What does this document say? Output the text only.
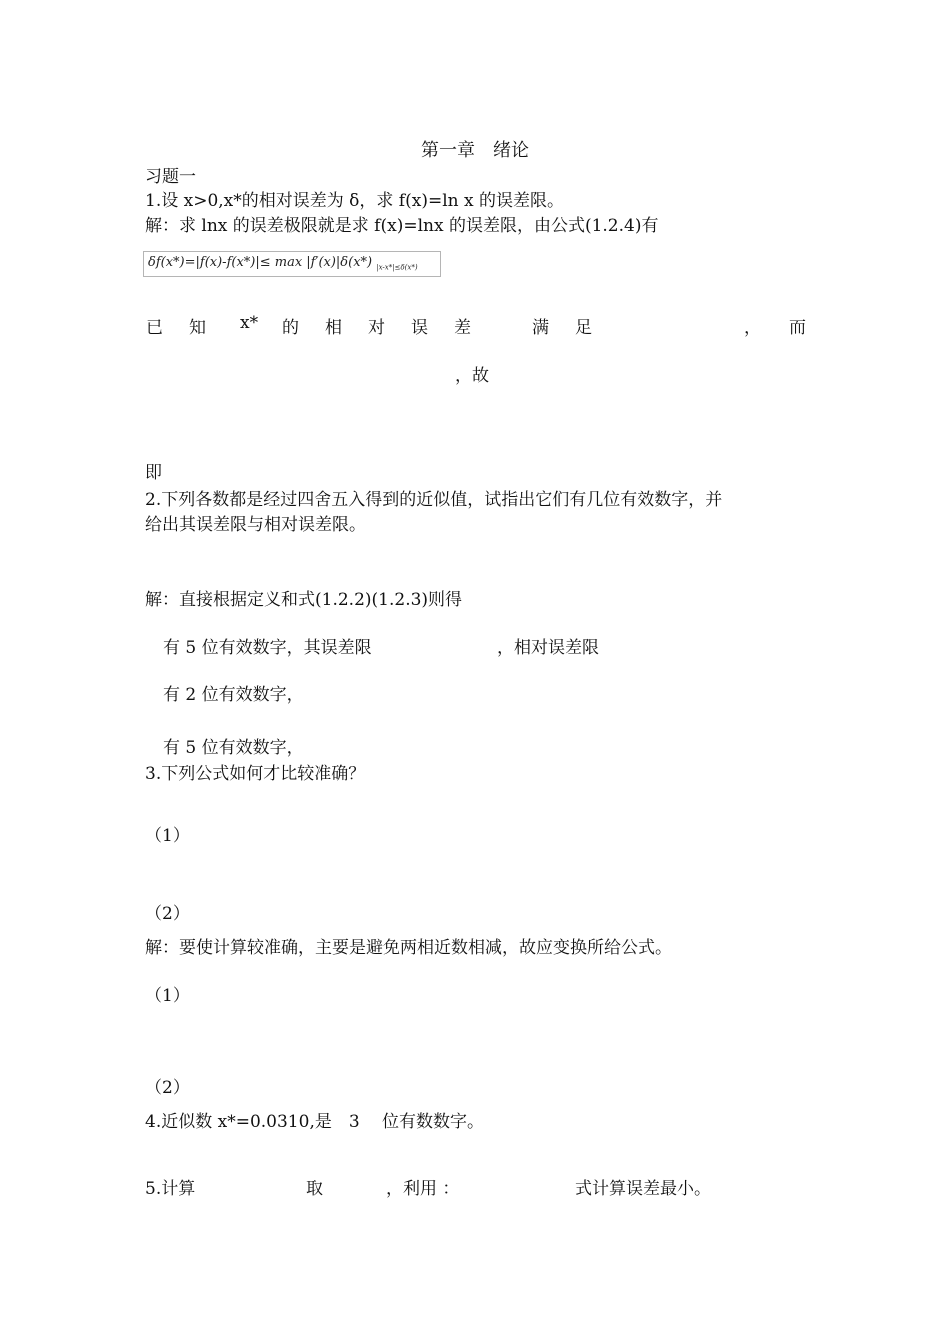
第一章　绪论
习题一
1.设 x>0,x*的相对误差为 δ，求 f(x)=ln x 的误差限。
解：求 lnx 的误差极限就是求 f(x)=lnx 的误差限，由公式(1.2.4)有
δf(x*)=|f(x)-f(x*)|≤ max |f′(x)|δ(x*) $_{|x-x*|\le\delta(x*)}$
已 知 x* 的 相 对 误 差	满 足	， 而
，故
即
2.下列各数都是经过四舍五入得到的近似值，试指出它们有几位有效数字，并
给出其误差限与相对误差限。
解：直接根据定义和式(1.2.2)(1.2.3)则得
有 5 位有效数字，其误差限	，相对误差限
有 2 位有效数字，
有 5 位有效数字，
3.下列公式如何才比较准确？
（1）
（2）
解：要使计算较准确，主要是避免两相近数相减，故应变换所给公式。
（1）
（2）
4.近似数 x*=0.0310,是　3　 位有数数字。
5.计算	取	，利用 ：	式计算误差最小。
